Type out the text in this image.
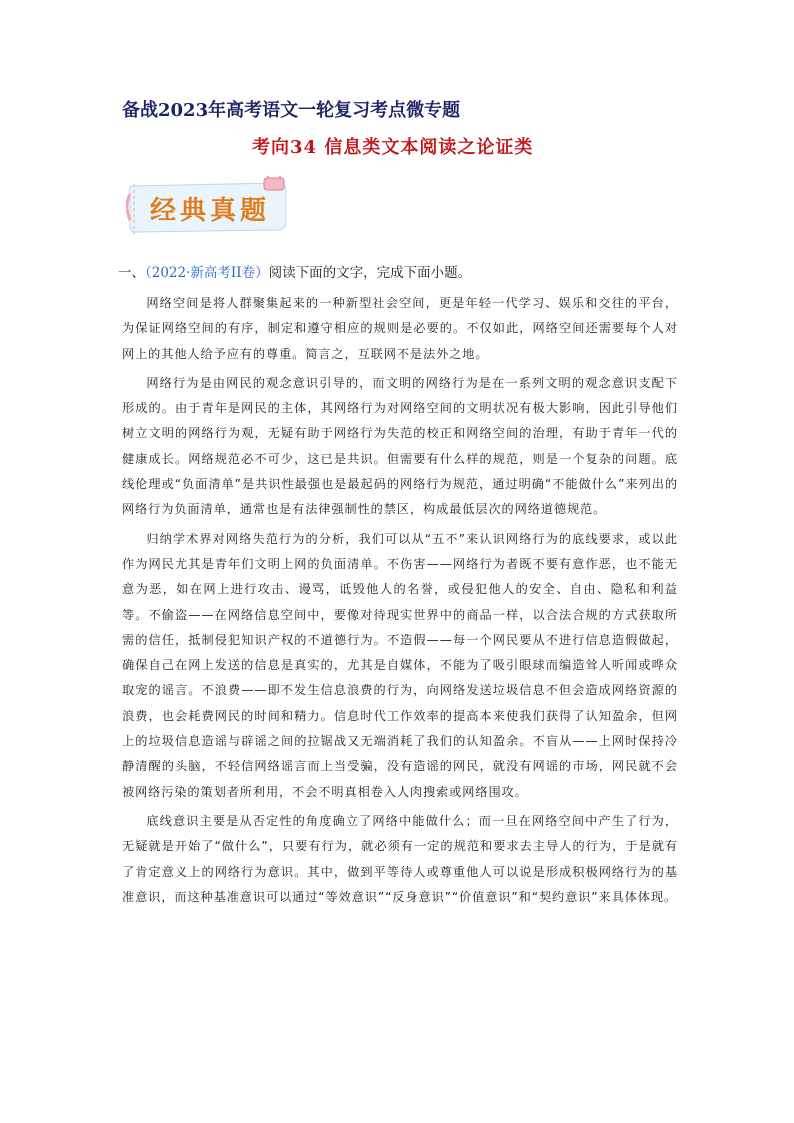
备战2023年高考语文一轮复习考点微专题
考向34 信息类文本阅读之论证类
经典真题
一、（2022·新高考II卷）阅读下面的文字，完成下面小题。

网络空间是将人群聚集起来的一种新型社会空间，更是年轻一代学习、娱乐和交往的平台，为保证网络空间的有序，制定和遵守相应的规则是必要的。不仅如此，网络空间还需要每个人对网上的其他人给予应有的尊重。简言之，互联网不是法外之地。

网络行为是由网民的观念意识引导的，而文明的网络行为是在一系列文明的观念意识支配下形成的。由于青年是网民的主体，其网络行为对网络空间的文明状况有极大影响，因此引导他们树立文明的网络行为观，无疑有助于网络行为失范的校正和网络空间的治理，有助于青年一代的健康成长。网络规范必不可少，这已是共识。但需要有什么样的规范，则是一个复杂的问题。底线伦理或“负面清单”是共识性最强也是最起码的网络行为规范，通过明确“不能做什么”来列出的网络行为负面清单，通常也是有法律强制性的禁区，构成最低层次的网络道德规范。

归纳学术界对网络失范行为的分析，我们可以从“五不”来认识网络行为的底线要求，或以此作为网民尤其是青年们文明上网的负面清单。不伤害——网络行为者既不要有意作恶，也不能无意为恶，如在网上进行攻击、谩骂，诋毁他人的名誉，或侵犯他人的安全、自由、隐私和利益等。不偷盗——在网络信息空间中，要像对待现实世界中的商品一样，以合法合规的方式获取所需的信任，抵制侵犯知识产权的不道德行为。不造假——每一个网民要从不进行信息造假做起，确保自己在网上发送的信息是真实的，尤其是自媒体，不能为了吸引眼球而编造耸人听闻或哗众取宠的谣言。不浪费——即不发生信息浪费的行为，向网络发送垃圾信息不但会造成网络资源的浪费，也会耗费网民的时间和精力。信息时代工作效率的提高本来使我们获得了认知盈余，但网上的垃圾信息造谣与辟谣之间的拉锯战又无端消耗了我们的认知盈余。不盲从——上网时保持冷静清醒的头脑，不轻信网络谣言而上当受骗，没有造谣的网民，就没有网谣的市场，网民就不会被网络污染的策划者所利用，不会不明真相卷入人肉搜索或网络围攻。

底线意识主要是从否定性的角度确立了网络中能做什么；而一旦在网络空间中产生了行为，无疑就是开始了“做什么”，只要有行为，就必须有一定的规范和要求去主导人的行为，于是就有了肯定意义上的网络行为意识。其中，做到平等待人或尊重他人可以说是形成积极网络行为的基准意识，而这种基准意识可以通过“等效意识”“反身意识”“价值意识”和“契约意识”来具体体现。
